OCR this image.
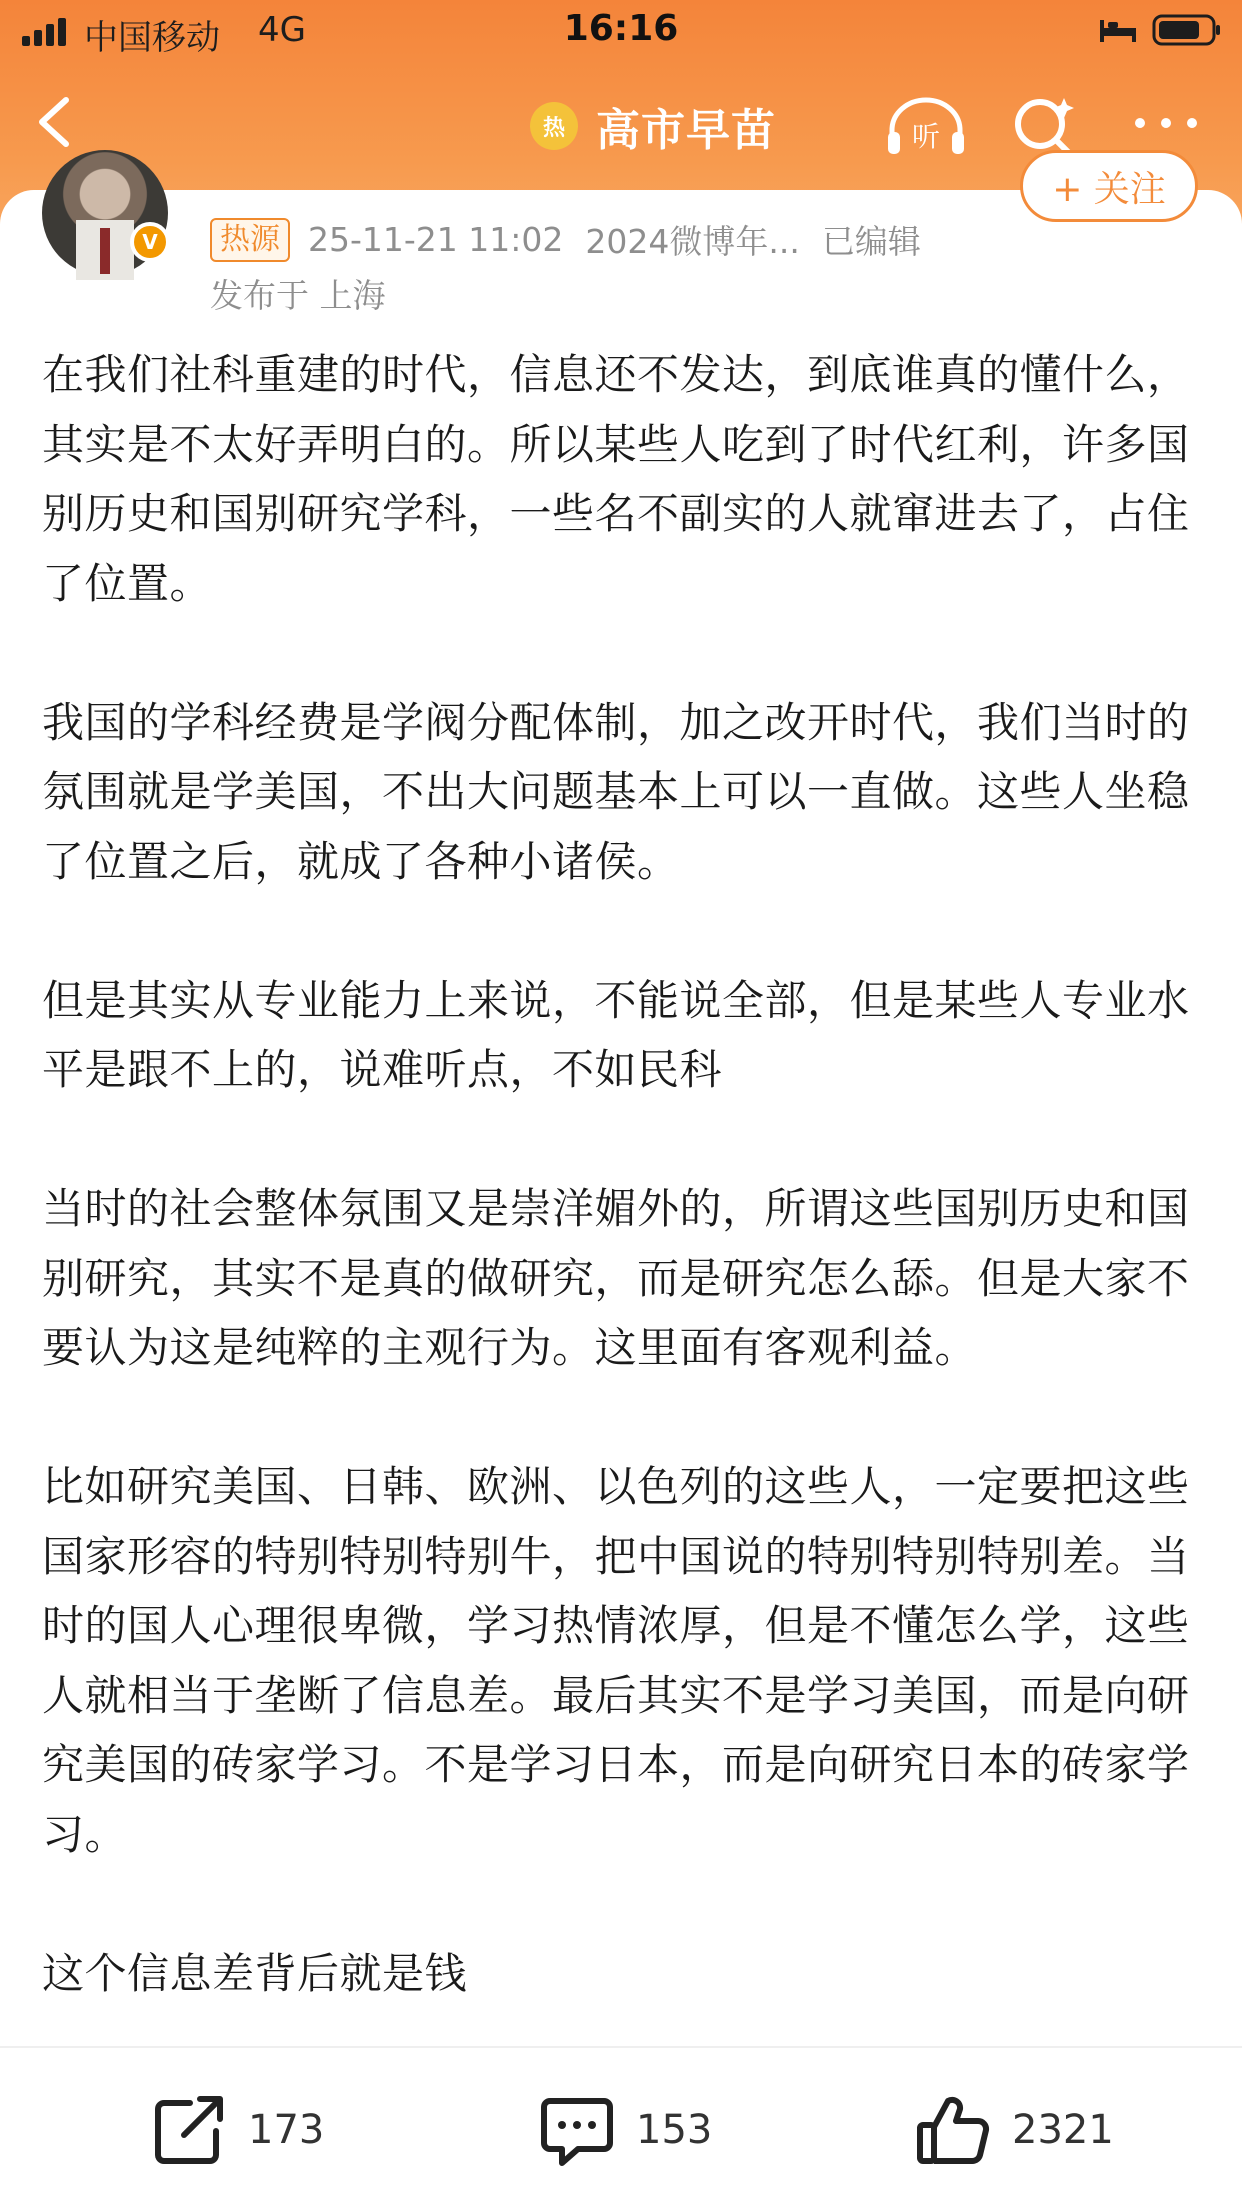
中国移动 4G	16:16
热 高市早苗	听
V
+ 关注
热源 25-11-21 11:02 2024微博年... 已编辑
发布于 上海

在我们社科重建的时代，信息还不发达，到底谁真的懂什么，其实是不太好弄明白的。所以某些人吃到了时代红利，许多国别历史和国别研究学科，一些名不副实的人就窜进去了，占住了位置。

我国的学科经费是学阀分配体制，加之改开时代，我们当时的氛围就是学美国，不出大问题基本上可以一直做。这些人坐稳了位置之后，就成了各种小诸侯。

但是其实从专业能力上来说，不能说全部，但是某些人专业水平是跟不上的，说难听点，不如民科

当时的社会整体氛围又是崇洋媚外的，所谓这些国别历史和国别研究，其实不是真的做研究，而是研究怎么舔。但是大家不要认为这是纯粹的主观行为。这里面有客观利益。

比如研究美国、日韩、欧洲、以色列的这些人，一定要把这些国家形容的特别特别特别牛，把中国说的特别特别特别差。当时的国人心理很卑微，学习热情浓厚，但是不懂怎么学，这些人就相当于垄断了信息差。最后其实不是学习美国，而是向研究美国的砖家学习。不是学习日本，而是向研究日本的砖家学习。

这个信息差背后就是钱

173	153	2321
